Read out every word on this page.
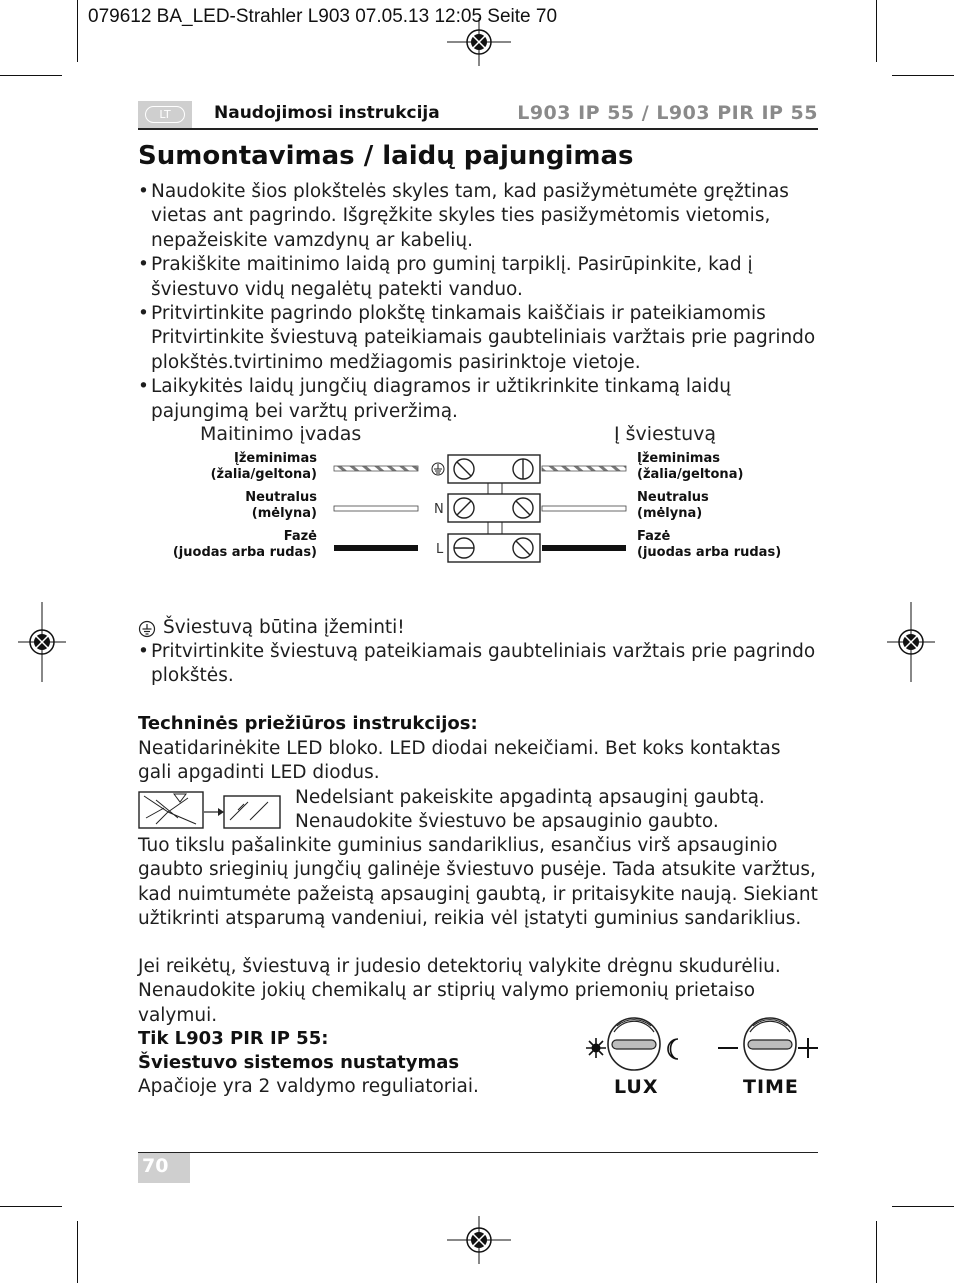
079612 BA_LED-Strahler L903 07.05.13 12:05 Seite 70
LT	Naudojimosi instrukcija	L903 IP 55 / L903 PIR IP 55
Sumontavimas / laidų pajungimas
• Naudokite šios plokštelės skyles tam, kad pasižymėtumėte gręžtinas vietas ant pagrindo. Išgręžkite skyles ties pasižymėtomis vietomis, nepažeiskite vamzdynų ar kabelių.
• Prakiškite maitinimo laidą pro guminį tarpiklį. Pasirūpinkite, kad į šviestuvo vidų negalėtų patekti vanduo.
• Pritvirtinkite pagrindo plokštę tinkamais kaiščiais ir pateikiamomis Pritvirtinkite šviestuvą pateikiamais gaubteliniais varžtais prie pagrindo plokštės.tvirtinimo medžiagomis pasirinktoje vietoje.
• Laikykitės laidų jungčių diagramos ir užtikrinkite tinkamą laidų pajungimą bei varžtų priveržimą.
Maitinimo įvadas	Į šviestuvą
Įžeminimas
(žalia/geltona)
Neutralus
(mėlyna)
Fazė
(juodas arba rudas)
Įžeminimas
(žalia/geltona)
Neutralus
(mėlyna)
Fazė
(juodas arba rudas)
N
L
Šviestuvą būtina įžeminti!
• Pritvirtinkite šviestuvą pateikiamais gaubteliniais varžtais prie pagrindo plokštės.
Techninės priežiūros instrukcijos:
Neatidarinėkite LED bloko. LED diodai nekeičiami. Bet koks kontaktas gali apgadinti LED diodus.
Nedelsiant pakeiskite apgadintą apsauginį gaubtą.
Nenaudokite šviestuvo be apsauginio gaubto.
Tuo tikslu pašalinkite guminius sandariklius, esančius virš apsauginio gaubto srieginių jungčių galinėje šviestuvo pusėje. Tada atsukite varžtus, kad nuimtumėte pažeistą apsauginį gaubtą, ir pritaisykite naują. Siekiant užtikrinti atsparumą vandeniui, reikia vėl įstatyti guminius sandariklius.
Jei reikėtų, šviestuvą ir judesio detektorių valykite drėgnu skudurėliu. Nenaudokite jokių chemikalų ar stiprių valymo priemonių prietaiso valymui.
Tik L903 PIR IP 55:
Šviestuvo sistemos nustatymas
Apačioje yra 2 valdymo reguliatoriai.	LUX	TIME
70
